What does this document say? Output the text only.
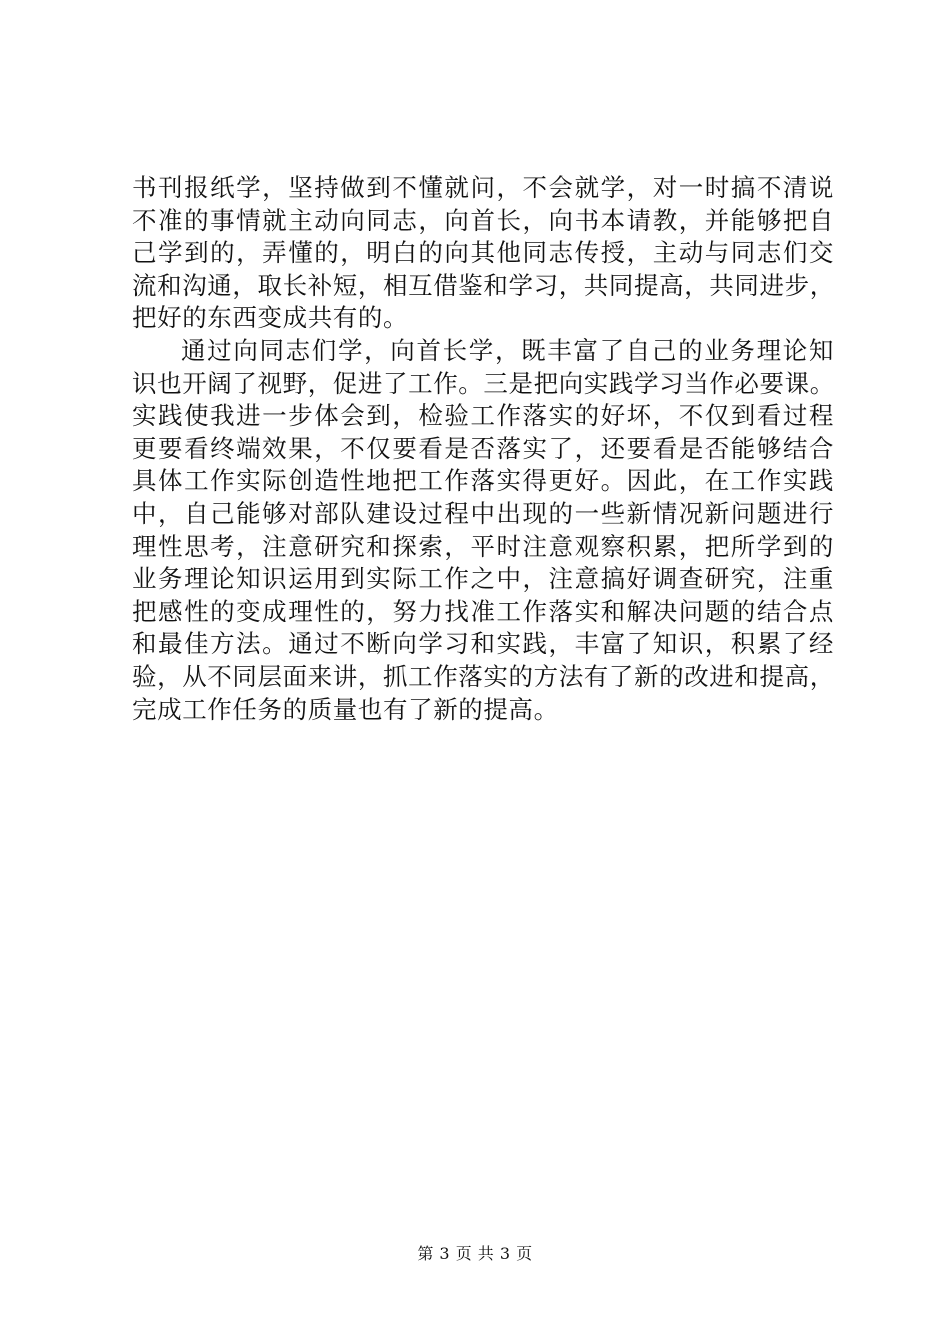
书刊报纸学，坚持做到不懂就问，不会就学，对一时搞不清说
不准的事情就主动向同志，向首长，向书本请教，并能够把自
己学到的，弄懂的，明白的向其他同志传授，主动与同志们交
流和沟通，取长补短，相互借鉴和学习，共同提高，共同进步，
把好的东西变成共有的。
通过向同志们学，向首长学，既丰富了自己的业务理论知
识也开阔了视野，促进了工作。三是把向实践学习当作必要课。
实践使我进一步体会到，检验工作落实的好坏，不仅到看过程
更要看终端效果，不仅要看是否落实了，还要看是否能够结合
具体工作实际创造性地把工作落实得更好。因此，在工作实践
中，自己能够对部队建设过程中出现的一些新情况新问题进行
理性思考，注意研究和探索，平时注意观察积累，把所学到的
业务理论知识运用到实际工作之中，注意搞好调查研究，注重
把感性的变成理性的，努力找准工作落实和解决问题的结合点
和最佳方法。通过不断向学习和实践，丰富了知识，积累了经
验，从不同层面来讲，抓工作落实的方法有了新的改进和提高，
完成工作任务的质量也有了新的提高。
第 3 页 共 3 页
